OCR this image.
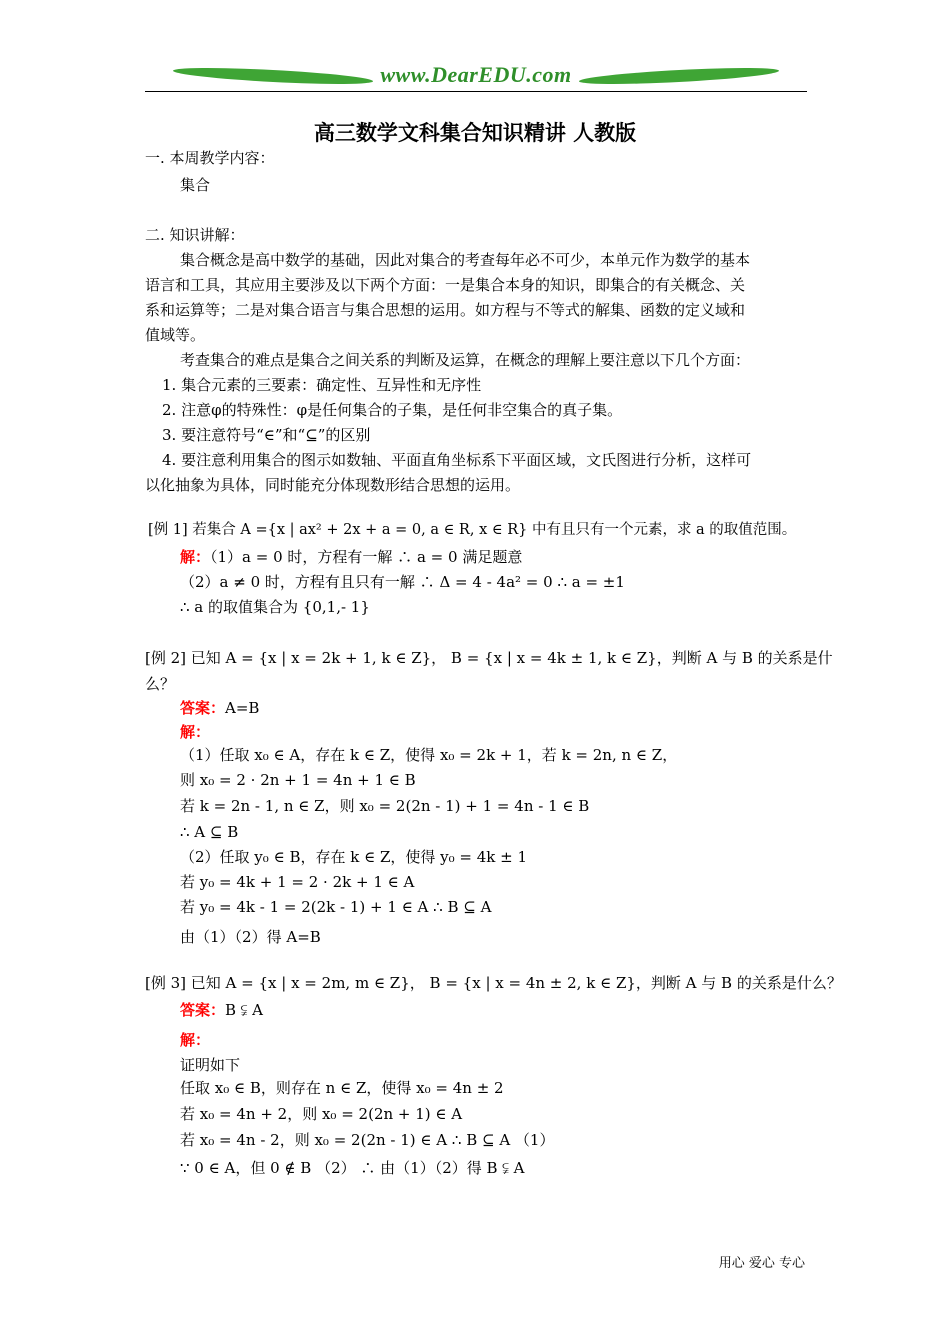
www.DearEDU.com
高三数学文科集合知识精讲 人教版
一. 本周教学内容：
集合
二. 知识讲解：
集合概念是高中数学的基础，因此对集合的考查每年必不可少，本单元作为数学的基本
语言和工具，其应用主要涉及以下两个方面：一是集合本身的知识，即集合的有关概念、关
系和运算等；二是对集合语言与集合思想的运用。如方程与不等式的解集、函数的定义域和
值域等。
考查集合的难点是集合之间关系的判断及运算，在概念的理解上要注意以下几个方面：
1. 集合元素的三要素：确定性、互异性和无序性
2. 注意φ的特殊性：φ是任何集合的子集，是任何非空集合的真子集。
3. 要注意符号“∈”和“⊆”的区别
4. 要注意利用集合的图示如数轴、平面直角坐标系下平面区域，文氏图进行分析，这样可
以化抽象为具体，同时能充分体现数形结合思想的运用。
[例 1] 若集合 A ={x | ax² + 2x + a = 0, a ∈ R, x ∈ R} 中有且只有一个元素，求 a 的取值范围。
解：（1）a = 0 时，方程有一解 ∴ a = 0 满足题意
（2）a ≠ 0 时，方程有且只有一解 ∴ Δ = 4 - 4a² = 0 ∴ a = ±1
∴ a 的取值集合为 {0,1,- 1}
[例 2] 已知 A = {x | x = 2k + 1, k ∈ Z}， B = {x | x = 4k ± 1, k ∈ Z}，判断 A 与 B 的关系是什
么？
答案：A=B
解：
（1）任取 x₀ ∈ A，存在 k ∈ Z，使得 x₀ = 2k + 1，若 k = 2n, n ∈ Z，
则 x₀ = 2 · 2n + 1 = 4n + 1 ∈ B
若 k = 2n - 1, n ∈ Z，则 x₀ = 2(2n - 1) + 1 = 4n - 1 ∈ B
∴ A ⊆ B
（2）任取 y₀ ∈ B，存在 k ∈ Z，使得 y₀ = 4k ± 1
若 y₀ = 4k + 1 = 2 · 2k + 1 ∈ A
若 y₀ = 4k - 1 = 2(2k - 1) + 1 ∈ A ∴ B ⊆ A
由（1）（2）得 A=B
[例 3] 已知 A = {x | x = 2m, m ∈ Z}， B = {x | x = 4n ± 2, k ∈ Z}，判断 A 与 B 的关系是什么？
答案：B ⫋ A
解：
证明如下
任取 x₀ ∈ B，则存在 n ∈ Z，使得 x₀ = 4n ± 2
若 x₀ = 4n + 2，则 x₀ = 2(2n + 1) ∈ A
若 x₀ = 4n - 2，则 x₀ = 2(2n - 1) ∈ A ∴ B ⊆ A （1）
∵ 0 ∈ A，但 0 ∉ B （2） ∴ 由（1）（2）得 B ⫋ A
用心 爱心 专心
